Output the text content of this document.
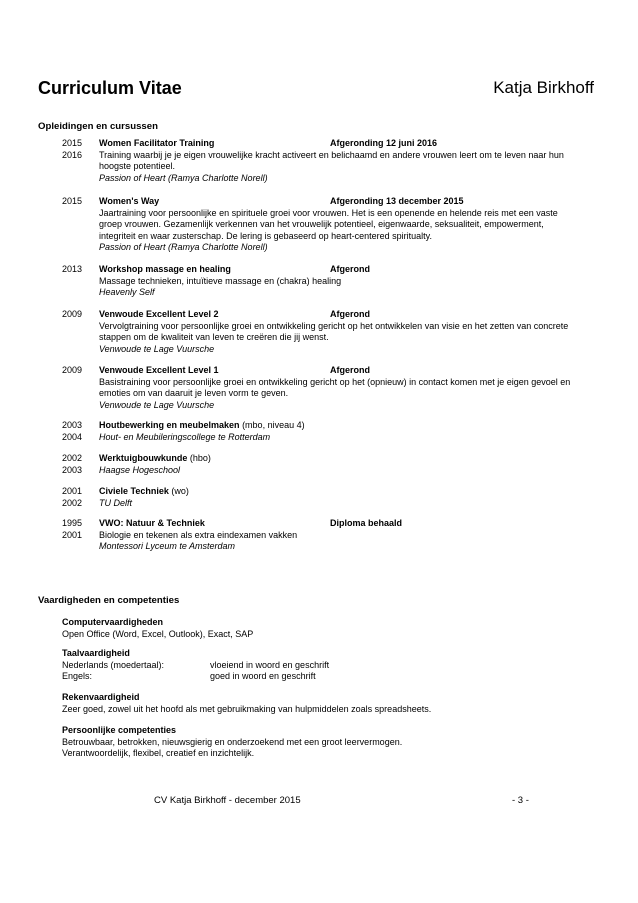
Curriculum Vitae	Katja Birkhoff
Opleidingen en cursussen
2015	Women Facilitator Training	Afgeronding 12 juni 2016
2016	Training waarbij je je eigen vrouwelijke kracht activeert en belichaamd en andere vrouwen leert om te leven naar hun hoogste potentieel.
Passion of Heart (Ramya Charlotte Norell)
2015	Women's Way	Afgeronding 13 december 2015
Jaartraining voor persoonlijke en spirituele groei voor vrouwen. Het is een openende en helende reis met een vaste groep vrouwen. Gezamenlijk verkennen van het vrouwelijk potentieel, eigenwaarde, seksualiteit, empowerment, integriteit en waar zusterschap. De lering is gebaseerd op heart-centered spiritualty.
Passion of Heart (Ramya Charlotte Norell)
2013	Workshop massage en healing	Afgerond
Massage technieken, intuïtieve massage en (chakra) healing
Heavenly Self
2009	Venwoude Excellent Level 2	Afgerond
Vervolgtraining voor persoonlijke groei en ontwikkeling gericht op het ontwikkelen van visie en het zetten van concrete stappen om de kwaliteit van leven te creëren die jij wenst.
Venwoude te Lage Vuursche
2009	Venwoude Excellent Level 1	Afgerond
Basistraining voor persoonlijke groei en ontwikkeling gericht op het (opnieuw) in contact komen met je eigen gevoel en emoties om van daaruit je leven vorm te geven.
Venwoude te Lage Vuursche
2003	Houtbewerking en meubelmaken (mbo, niveau 4)
2004	Hout- en Meubileringscollege te Rotterdam
2002	Werktuigbouwkunde (hbo)
2003	Haagse Hogeschool
2001	Civiele Techniek (wo)
2002	TU Delft
1995	VWO: Natuur & Techniek	Diploma behaald
2001	Biologie en tekenen als extra eindexamen vakken
Montessori Lyceum te Amsterdam
Vaardigheden en competenties
Computervaardigheden
Open Office (Word, Excel, Outlook), Exact, SAP
Taalvaardigheid
Nederlands (moedertaal):	vloeiend in woord en geschrift
Engels:	goed in woord en geschrift
Rekenvaardigheid
Zeer goed, zowel uit het hoofd als met gebruikmaking van hulpmiddelen zoals spreadsheets.
Persoonlijke competenties
Betrouwbaar, betrokken, nieuwsgierig en onderzoekend met een groot leervermogen.
Verantwoordelijk, flexibel, creatief en inzichtelijk.
CV Katja Birkhoff - december 2015	- 3 -
